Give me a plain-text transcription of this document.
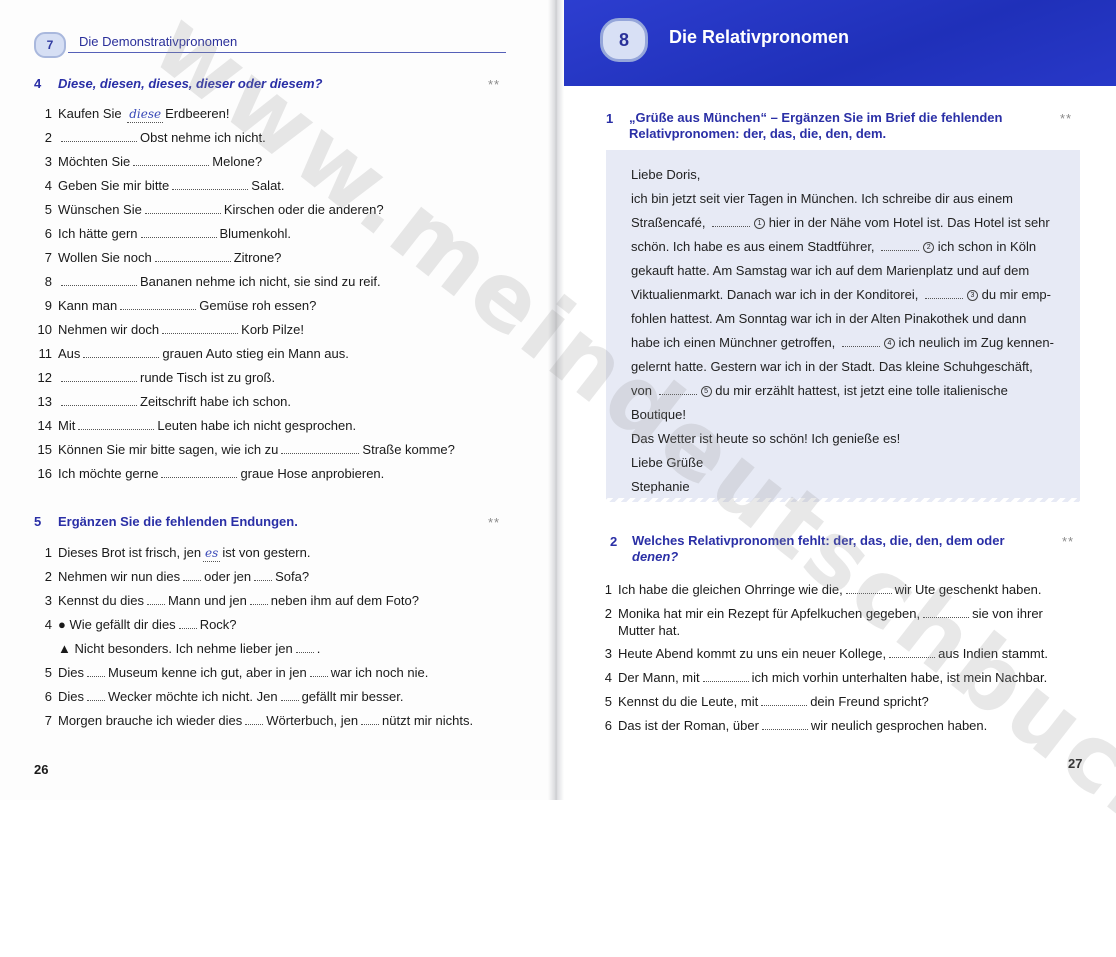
7	Die Demonstrativpronomen
4 Diese, diesen, dieses, dieser oder diesem?	**
1 Kaufen Sie diese Erdbeeren!
2	Obst nehme ich nicht.
3 Möchten Sie	Melone?
4 Geben Sie mir bitte	Salat.
5 Wünschen Sie	Kirschen oder die anderen?
6 Ich hätte gern	Blumenkohl.
7 Wollen Sie noch	Zitrone?
8	Bananen nehme ich nicht, sie sind zu reif.
9 Kann man	Gemüse roh essen?
10 Nehmen wir doch	Korb Pilze!
11 Aus	grauen Auto stieg ein Mann aus.
12	runde Tisch ist zu groß.
13	Zeitschrift habe ich schon.
14 Mit	Leuten habe ich nicht gesprochen.
15 Können Sie mir bitte sagen, wie ich zu	Straße komme?
16 Ich möchte gerne	graue Hose anprobieren.
5 Ergänzen Sie die fehlenden Endungen.	**
1 Dieses Brot ist frisch, jen es ist von gestern.
2 Nehmen wir nun dies oder jen Sofa?
3 Kennst du dies Mann und jen neben ihm auf dem Foto?
4 ● Wie gefällt dir dies Rock?
▲ Nicht besonders. Ich nehme lieber jen .
5 Dies Museum kenne ich gut, aber in jen war ich noch nie.
6 Dies Wecker möchte ich nicht. Jen gefällt mir besser.
7 Morgen brauche ich wieder dies Wörterbuch, jen nützt mir nichts.
26
8	Die Relativpronomen
1 „Grüße aus München“ – Ergänzen Sie im Brief die fehlenden
Relativpronomen: der, das, die, den, dem.
**
Liebe Doris,
ich bin jetzt seit vier Tagen in München. Ich schreibe dir aus einem
Straßencafé,	1 hier in der Nähe vom Hotel ist. Das Hotel ist sehr
schön. Ich habe es aus einem Stadtführer,	2 ich schon in Köln
gekauft hatte. Am Samstag war ich auf dem Marienplatz und auf dem
Viktualienmarkt. Danach war ich in der Konditorei,	3 du mir emp-
fohlen hattest. Am Sonntag war ich in der Alten Pinakothek und dann
habe ich einen Münchner getroffen,	4 ich neulich im Zug kennen-
gelernt hatte. Gestern war ich in der Stadt. Das kleine Schuhgeschäft,
von	5 du mir erzählt hattest, ist jetzt eine tolle italienische
Boutique!
Das Wetter ist heute so schön! Ich genieße es!
Liebe Grüße
Stephanie
2 Welches Relativpronomen fehlt: der, das, die, den, dem oder
denen?
**
27
1 Ich habe die gleichen Ohrringe wie die,	wir Ute geschenkt haben.
2 Monika hat mir ein Rezept für Apfelkuchen gegeben,	sie von ihrer
Mutter hat.
3 Heute Abend kommt zu uns ein neuer Kollege,	aus Indien stammt.
4 Der Mann, mit	ich mich vorhin unterhalten habe, ist mein Nachbar.
5 Kennst du die Leute, mit	dein Freund spricht?
6 Das ist der Roman, über	wir neulich gesprochen haben.
